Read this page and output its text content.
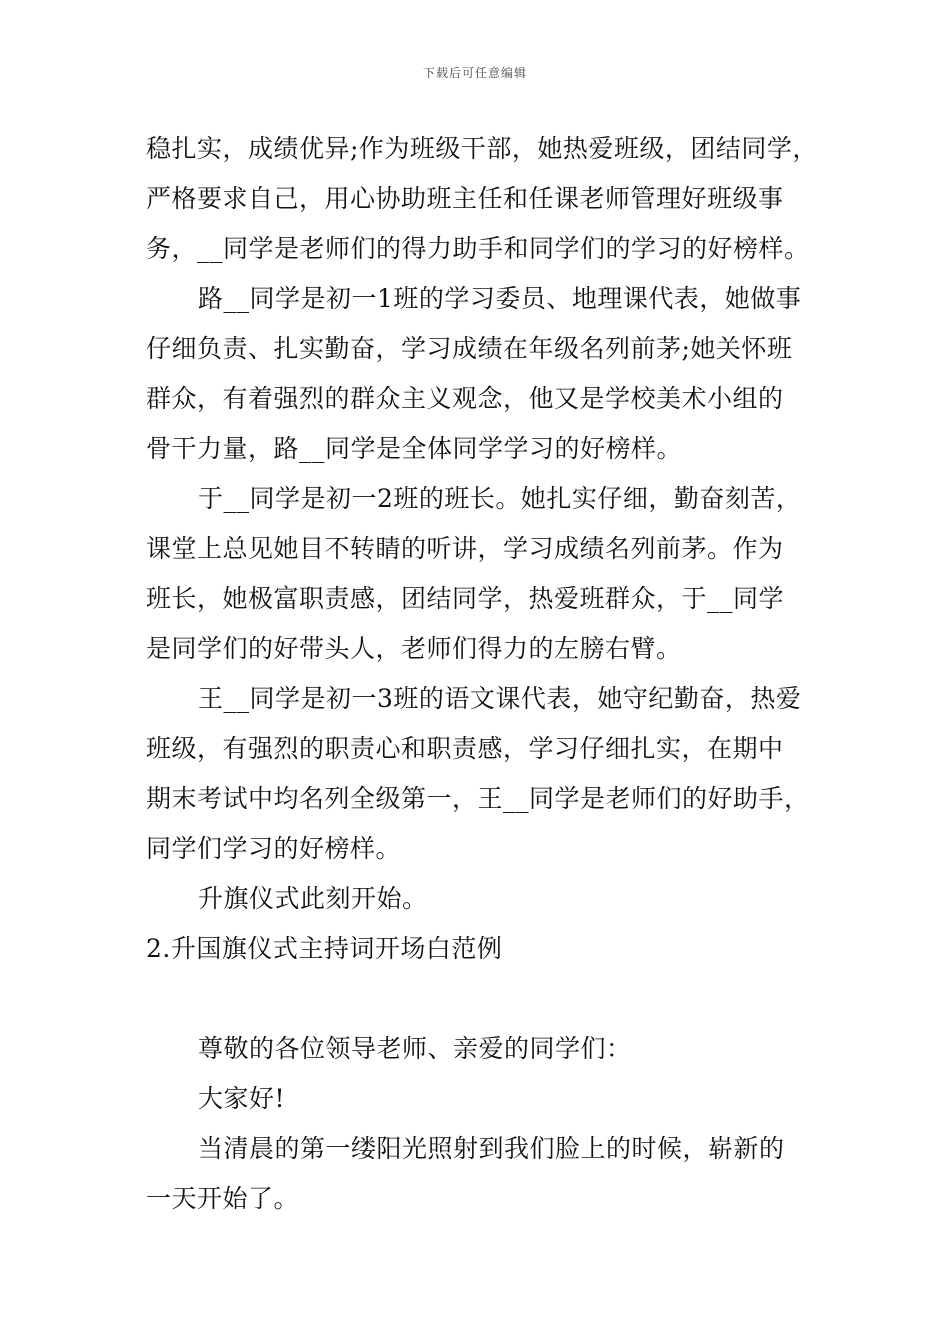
下载后可任意编辑
稳扎实，成绩优异;作为班级干部，她热爱班级，团结同学，
严格要求自己，用心协助班主任和任课老师管理好班级事
务，__同学是老师们的得力助手和同学们的学习的好榜样。
路__同学是初一1班的学习委员、地理课代表，她做事
仔细负责、扎实勤奋，学习成绩在年级名列前茅;她关怀班
群众，有着强烈的群众主义观念，他又是学校美术小组的
骨干力量，路__同学是全体同学学习的好榜样。
于__同学是初一2班的班长。她扎实仔细，勤奋刻苦，
课堂上总见她目不转睛的听讲，学习成绩名列前茅。作为
班长，她极富职责感，团结同学，热爱班群众，于__同学
是同学们的好带头人，老师们得力的左膀右臂。
王__同学是初一3班的语文课代表，她守纪勤奋，热爱
班级，有强烈的职责心和职责感，学习仔细扎实，在期中
期末考试中均名列全级第一，王__同学是老师们的好助手，
同学们学习的好榜样。
升旗仪式此刻开始。
2.升国旗仪式主持词开场白范例
尊敬的各位领导老师、亲爱的同学们：
大家好!
当清晨的第一缕阳光照射到我们脸上的时候，崭新的
一天开始了。
